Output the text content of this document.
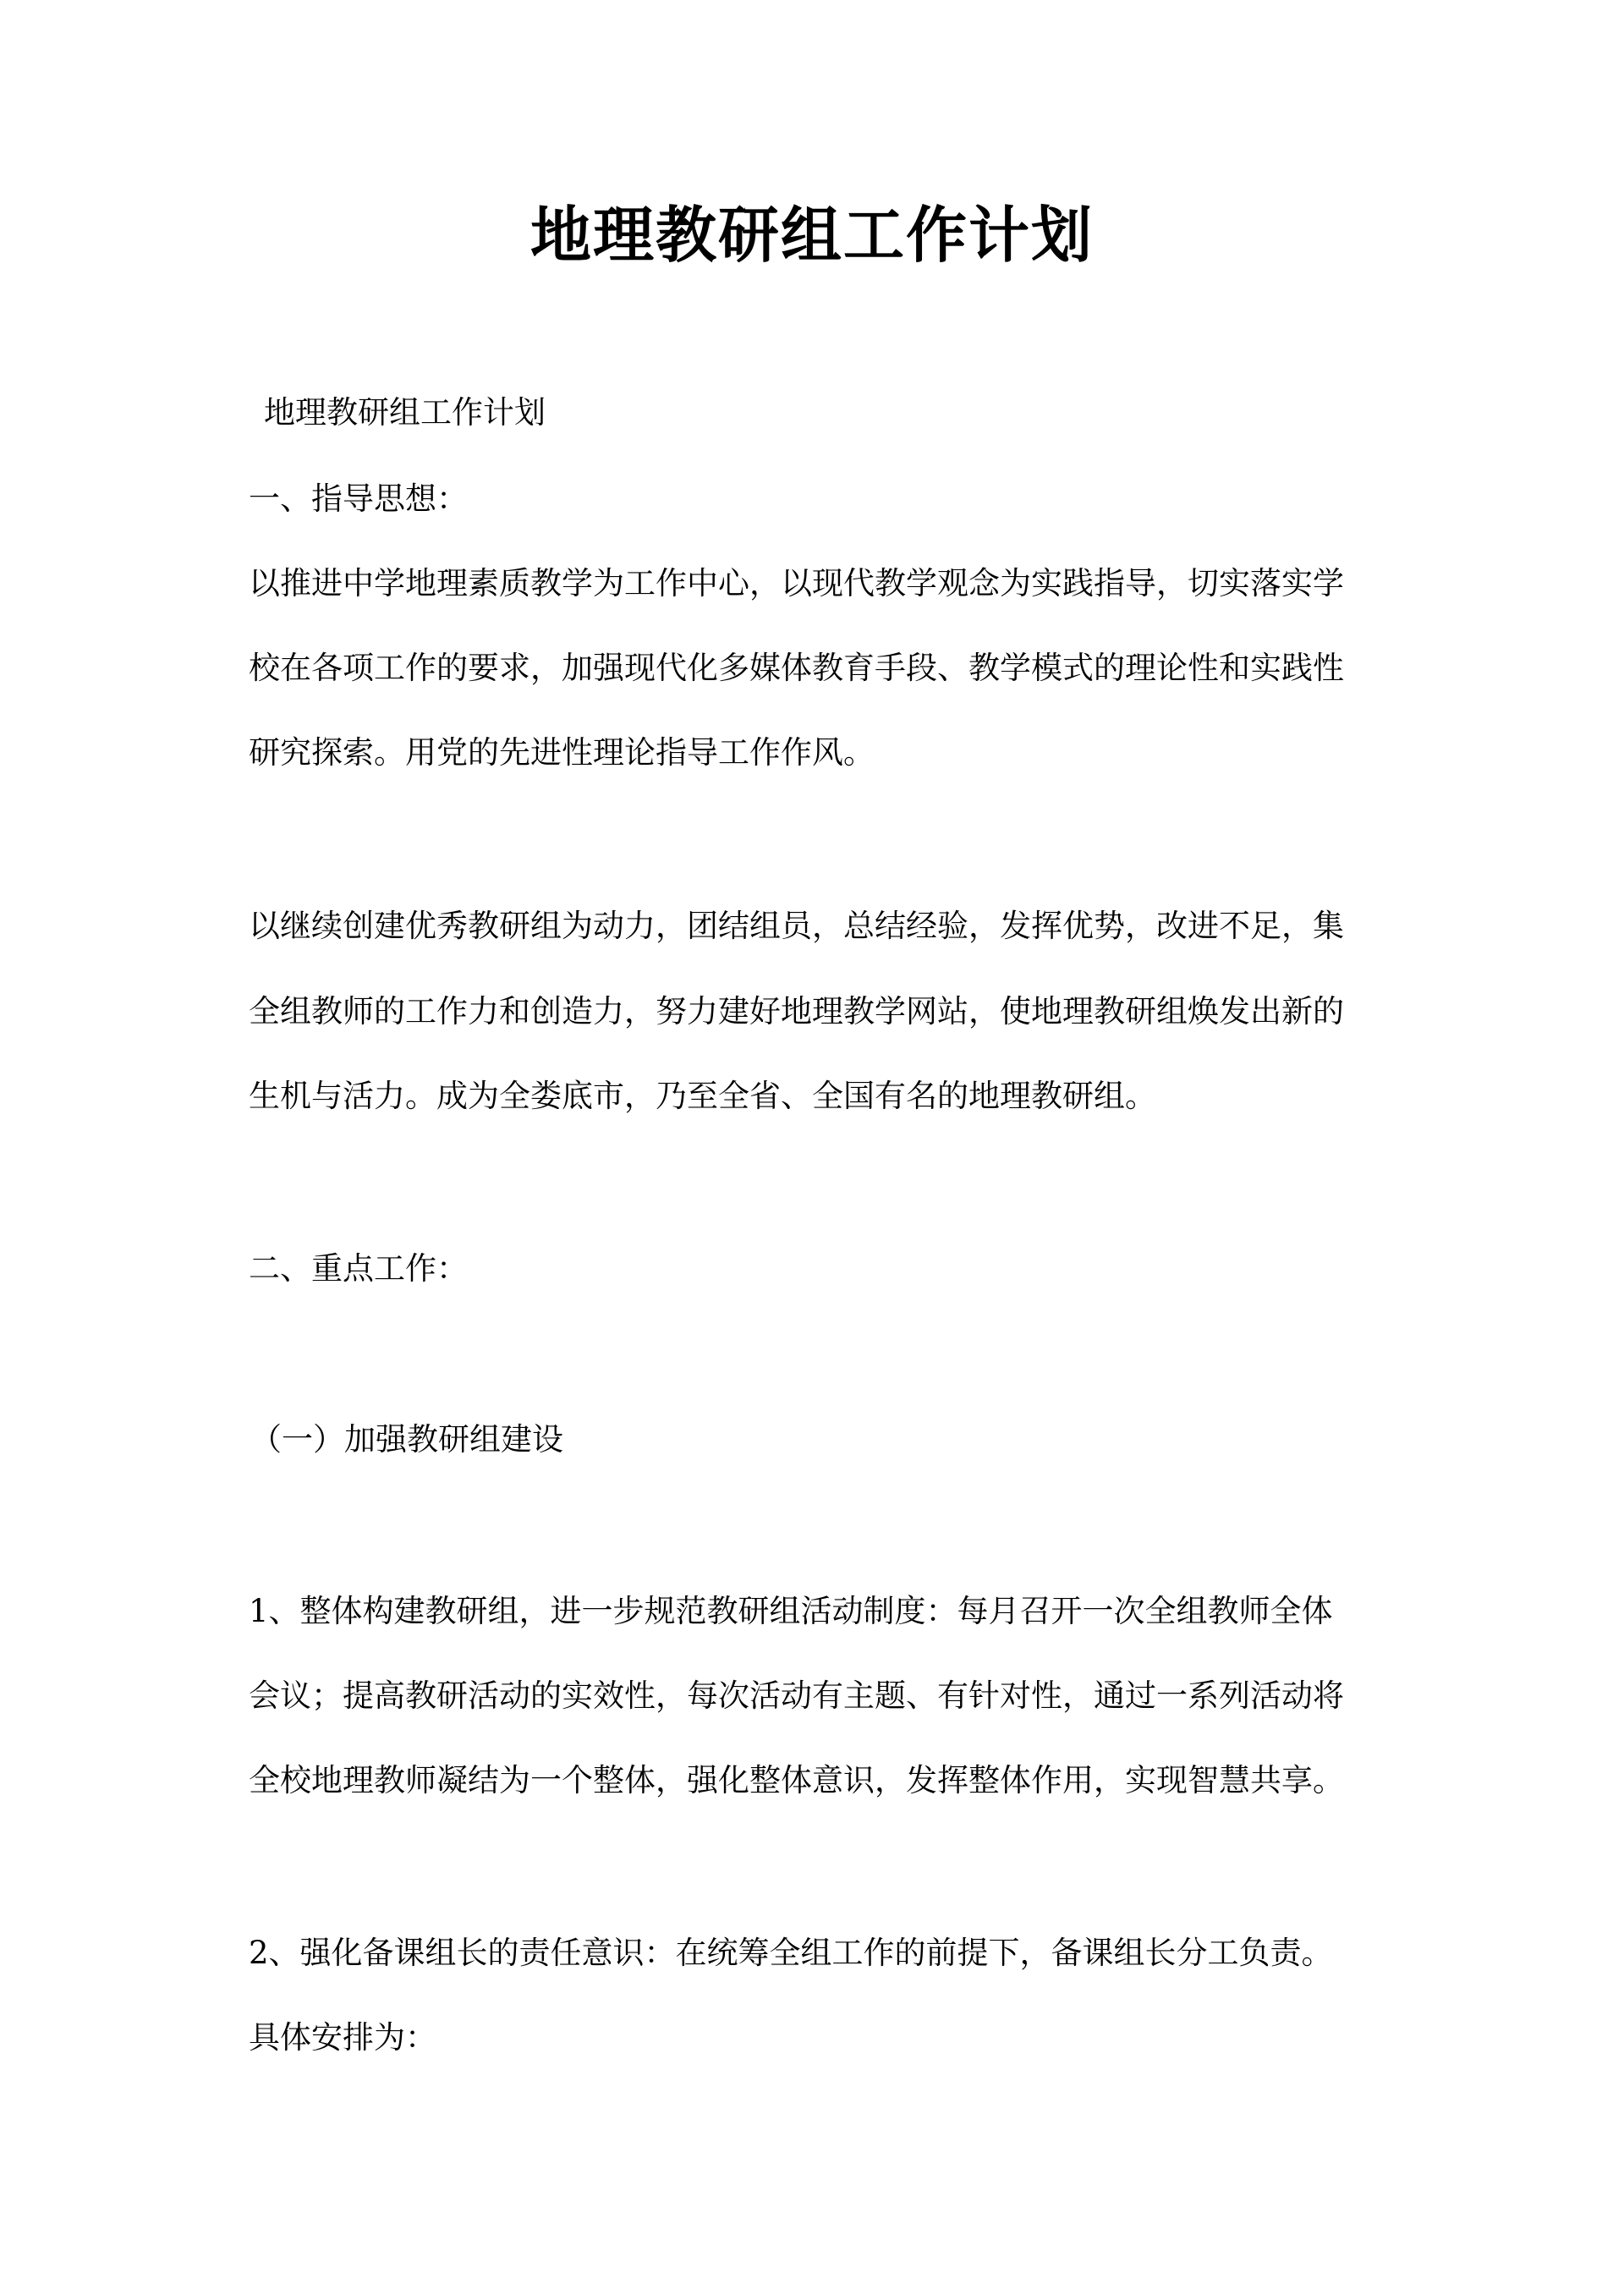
地理教研组工作计划
地理教研组工作计划
一、指导思想：
以推进中学地理素质教学为工作中心，以现代教学观念为实践指导，切实落实学
校在各项工作的要求，加强现代化多媒体教育手段、教学模式的理论性和实践性
研究探索。用党的先进性理论指导工作作风。
以继续创建优秀教研组为动力，团结组员，总结经验，发挥优势，改进不足，集
全组教师的工作力和创造力，努力建好地理教学网站，使地理教研组焕发出新的
生机与活力。成为全娄底市，乃至全省、全国有名的地理教研组。
二、重点工作：
（一）加强教研组建设
1、整体构建教研组，进一步规范教研组活动制度：每月召开一次全组教师全体
会议；提高教研活动的实效性，每次活动有主题、有针对性，通过一系列活动将
全校地理教师凝结为一个整体，强化整体意识，发挥整体作用，实现智慧共享。
2、强化备课组长的责任意识：在统筹全组工作的前提下，备课组长分工负责。
具体安排为：
